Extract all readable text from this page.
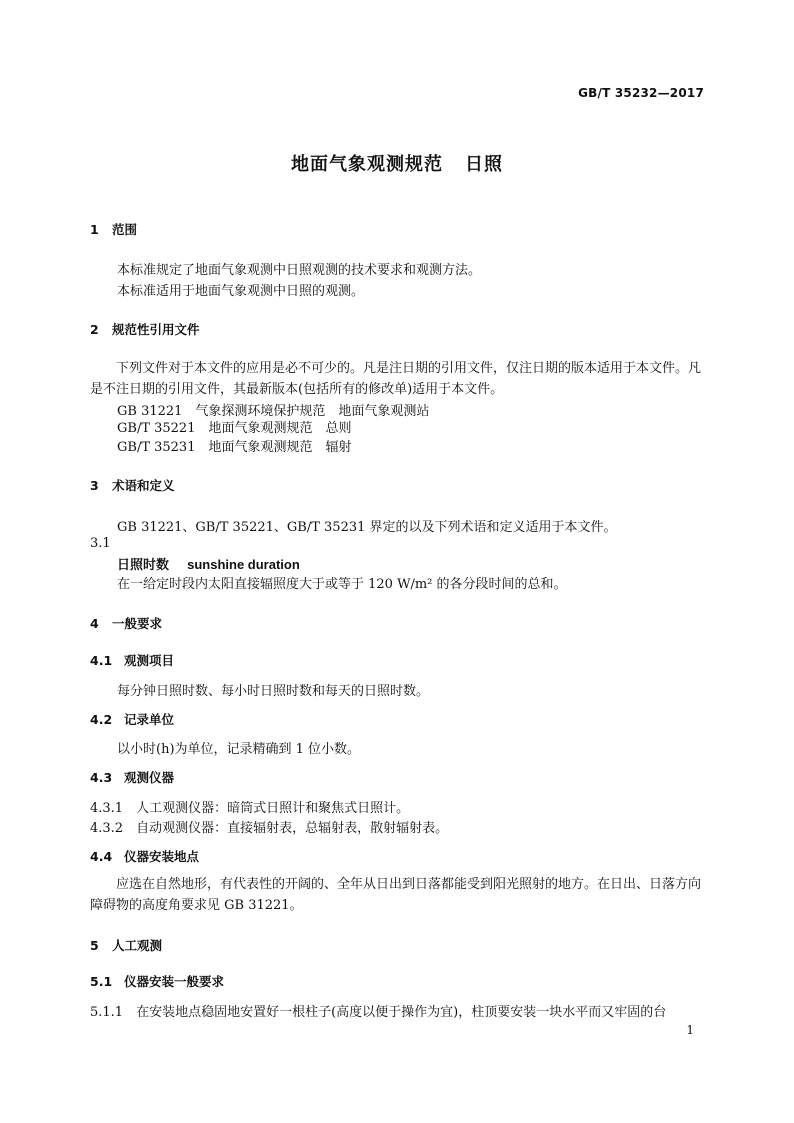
GB/T 35232—2017
地面气象观测规范 日照
1 范围
本标准规定了地面气象观测中日照观测的技术要求和观测方法。
本标准适用于地面气象观测中日照的观测。
2 规范性引用文件

下列文件对于本文件的应用是必不可少的。凡是注日期的引用文件，仅注日期的版本适用于本文件。凡是不注日期的引用文件，其最新版本(包括所有的修改单)适用于本文件。

GB 31221　气象探测环境保护规范　地面气象观测站
GB/T 35221　地面气象观测规范　总则
GB/T 35231　地面气象观测规范　辐射
3 术语和定义
GB 31221、GB/T 35221、GB/T 35231 界定的以及下列术语和定义适用于本文件。
3.1
日照时数 sunshine duration
在一给定时段内太阳直接辐照度大于或等于 120 W/m² 的各分段时间的总和。
4 一般要求
4.1 观测项目
每分钟日照时数、每小时日照时数和每天的日照时数。
4.2 记录单位
以小时(h)为单位，记录精确到 1 位小数。
4.3 观测仪器
4.3.1　人工观测仪器：暗筒式日照计和聚焦式日照计。
4.3.2　自动观测仪器：直接辐射表，总辐射表，散射辐射表。
4.4 仪器安装地点

应选在自然地形，有代表性的开阔的、全年从日出到日落都能受到阳光照射的地方。在日出、日落方向障碍物的高度角要求见 GB 31221。

5 人工观测
5.1 仪器安装一般要求
5.1.1　在安装地点稳固地安置好一根柱子(高度以便于操作为宜)，柱顶要安装一块水平而又牢固的台
1
